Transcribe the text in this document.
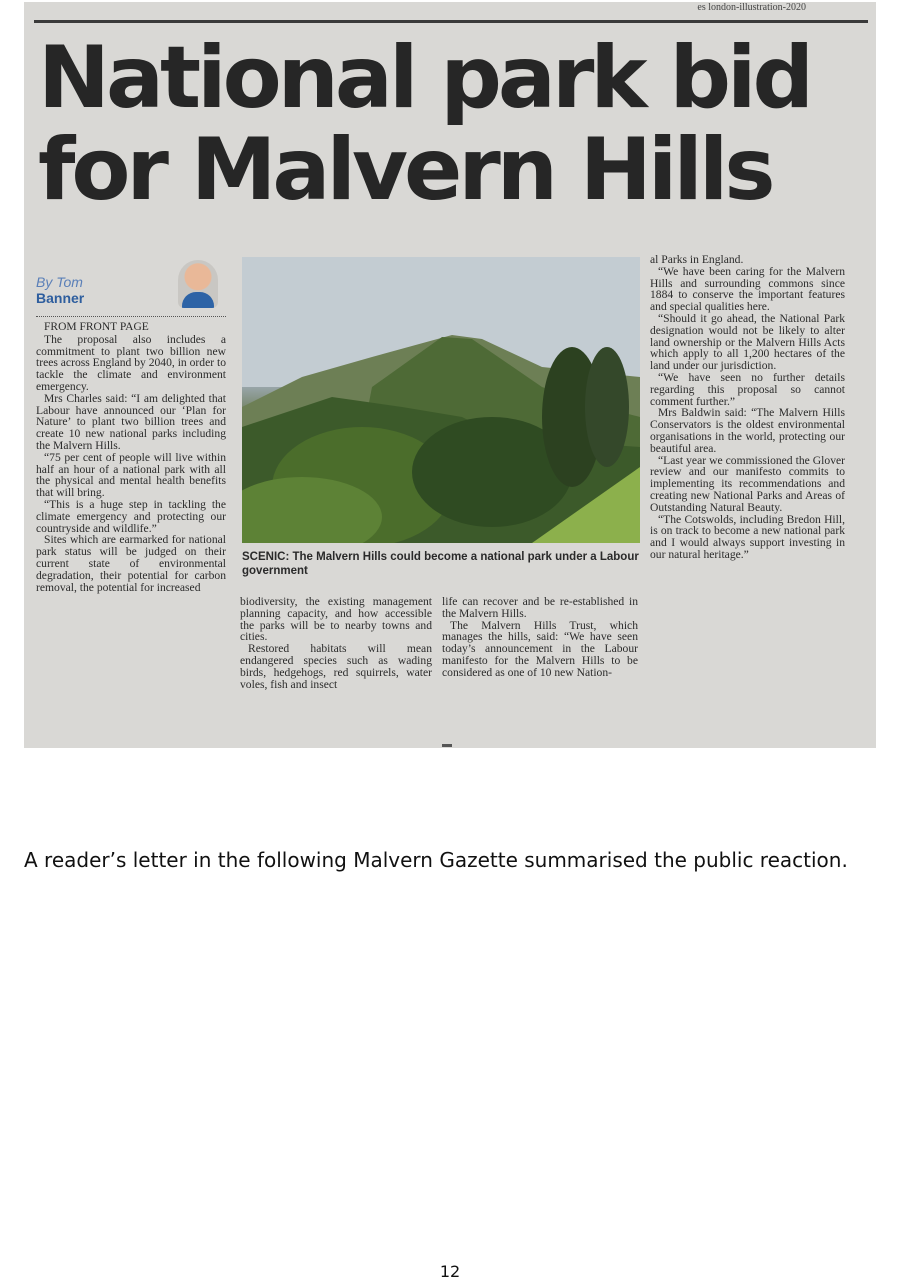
es london-illustration-2020
National park bid
for Malvern Hills
By Tom
Banner

FROM FRONT PAGE

The proposal also includes a commitment to plant two billion new trees across England by 2040, in order to tackle the climate and environment emergency.

Mrs Charles said: “I am delighted that Labour have announced our ‘Plan for Nature’ to plant two billion trees and create 10 new national parks including the Malvern Hills.

“75 per cent of people will live within half an hour of a national park with all the physical and mental health benefits that will bring.

“This is a huge step in tackling the climate emergency and protecting our countryside and wildlife.”

Sites which are earmarked for national park status will be judged on their current state of environmental degradation, their potential for carbon removal, the potential for increased

SCENIC: The Malvern Hills could become a national park under a Labour government

biodiversity, the existing management planning capacity, and how accessible the parks will be to nearby towns and cities.

Restored habitats will mean endangered species such as wading birds, hedgehogs, red squirrels, water voles, fish and insect

life can recover and be re-established in the Malvern Hills.

The Malvern Hills Trust, which manages the hills, said: “We have seen today’s announcement in the Labour manifesto for the Malvern Hills to be considered as one of 10 new Nation-

al Parks in England.

“We have been caring for the Malvern Hills and surrounding commons since 1884 to conserve the important features and special qualities here.

“Should it go ahead, the National Park designation would not be likely to alter land ownership or the Malvern Hills Acts which apply to all 1,200 hectares of the land under our jurisdiction.

“We have seen no further details regarding this proposal so cannot comment further.”

Mrs Baldwin said: “The Malvern Hills Conservators is the oldest environmental organisations in the world, protecting our beautiful area.

“Last year we commissioned the Glover review and our manifesto commits to implementing its recommendations and creating new National Parks and Areas of Outstanding Natural Beauty.

“The Cotswolds, including Bredon Hill, is on track to become a new national park and I would always support investing in our natural heritage.”

A reader’s letter in the following Malvern Gazette summarised the public reaction.

12
